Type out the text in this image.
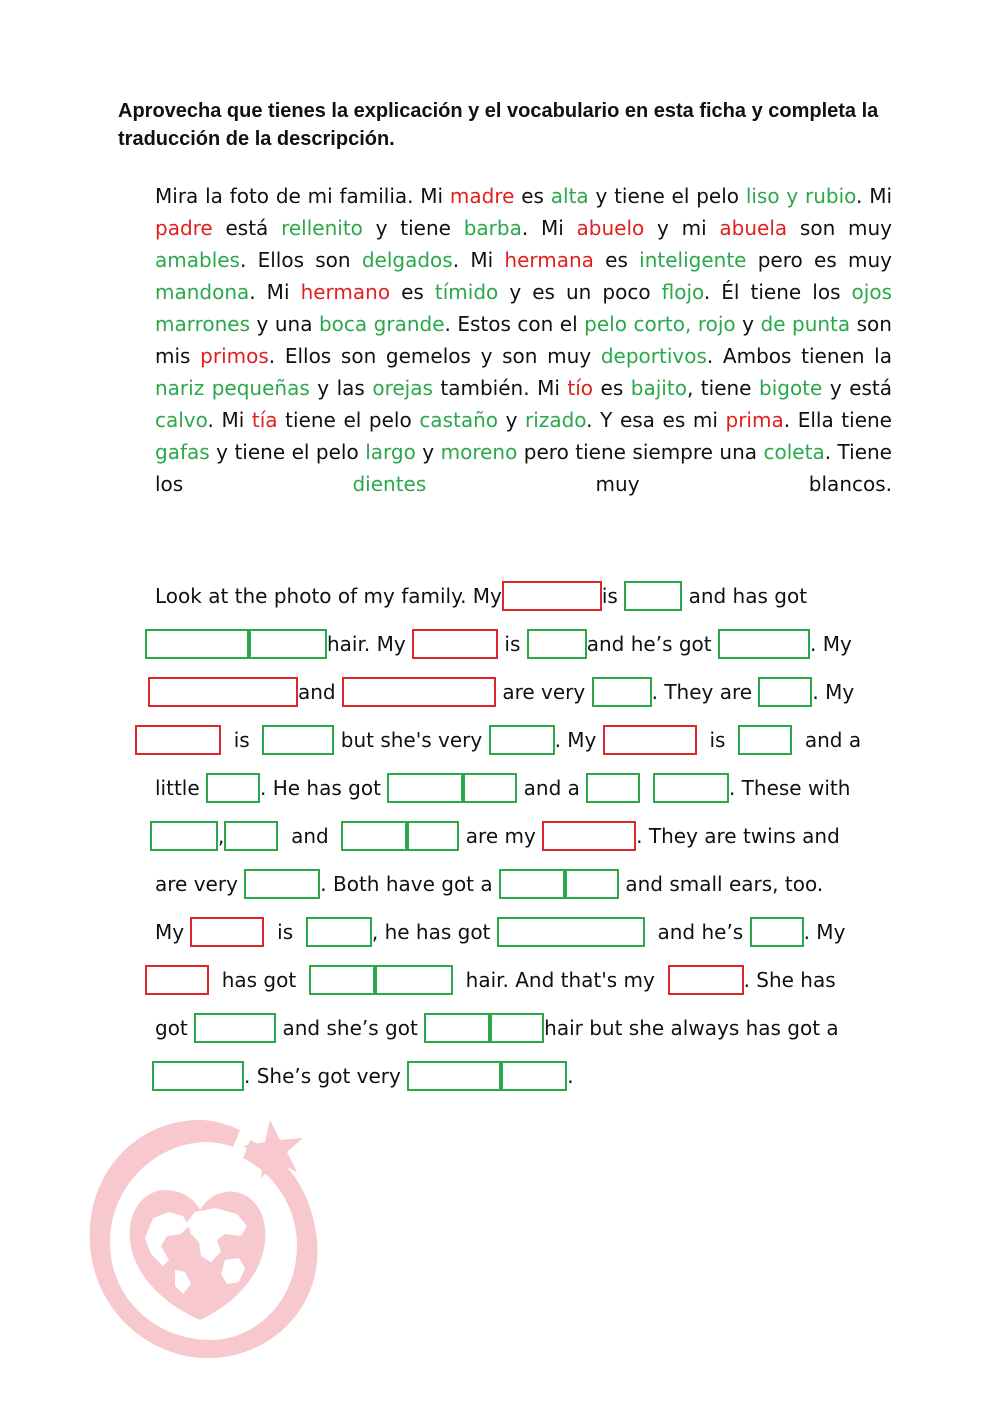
Aprovecha que tienes la explicación y el vocabulario en esta ficha y completa la traducción de la descripción.
Mira la foto de mi familia. Mi madre es alta y tiene el pelo liso y rubio. Mi padre está rellenito y tiene barba. Mi abuelo y mi abuela son muy amables. Ellos son delgados. Mi hermana es inteligente pero es muy mandona. Mi hermano es tímido y es un poco flojo. Él tiene los ojos marrones y una boca grande. Estos con el pelo corto, rojo y de punta son mis primos. Ellos son gemelos y son muy deportivos. Ambos tienen la nariz pequeñas y las orejas también. Mi tío es bajito, tiene bigote y está calvo. Mi tía tiene el pelo castaño y rizado. Y esa es mi prima. Ella tiene gafas y tiene el pelo largo y moreno pero tiene siempre una coleta. Tiene los dientes muy blancos.
Look at the photo of my family. My	is	and has got
hair. My	is	and he’s got	. My
and	are very	. They are	. My
is	but she's very	. My	is	and a
little	. He has got	and a
	. These with
,	and	are my	. They are twins and
are very	. Both have got a	and small ears, too.
My	is	, he has got	and he’s	. My
has got	hair. And that's my	. She has
got	and she’s got	hair but she always has got a
. She’s got very	.
